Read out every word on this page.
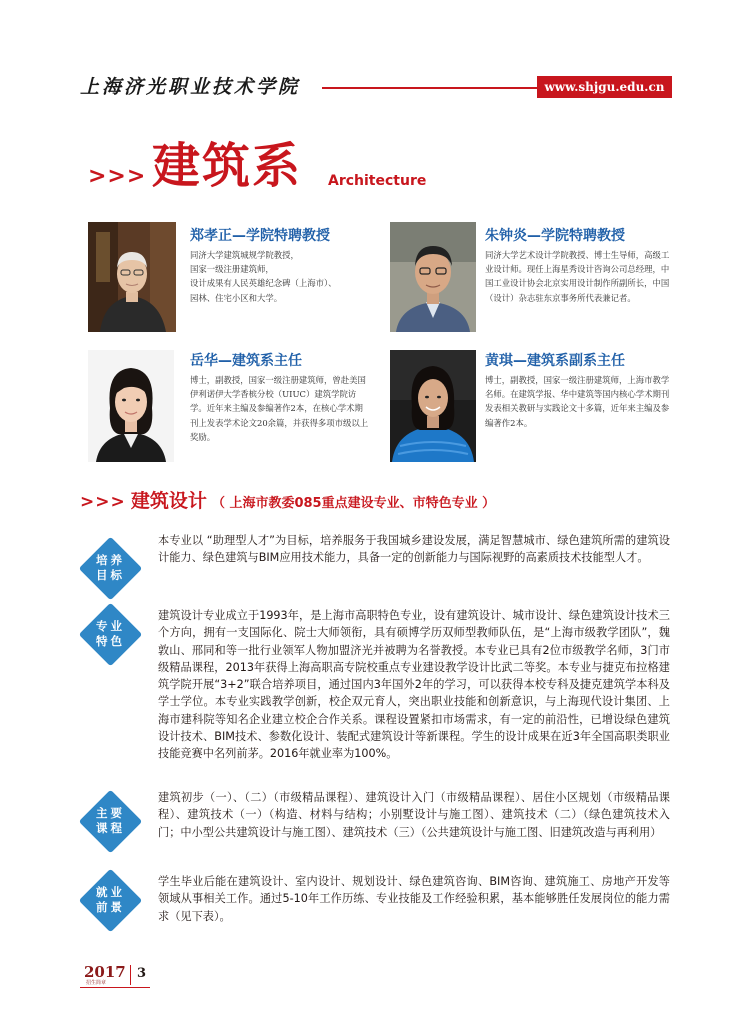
上海济光职业技术学院	www.shjgu.edu.cn
>>> 建筑系 Architecture
郑孝正—学院特聘教授
同济大学建筑城规学院教授，
国家一级注册建筑师，
设计成果有人民英雄纪念碑（上海市）、
园林、住宅小区和大学。
朱钟炎—学院特聘教授
同济大学艺术设计学院教授、博士生导师，高级工业设计师。现任上海星秀设计咨询公司总经理，中国工业设计协会北京实用设计制作所副所长，中国（设计）杂志驻东京事务所代表兼记者。
岳华—建筑系主任
博士，副教授，国家一级注册建筑师，曾赴美国伊利诺伊大学香槟分校（UIUC）建筑学院访学。近年来主编及参编著作2本，在核心学术期刊上发表学术论文20余篇，并获得多项市级以上奖励。
黄琪—建筑系副系主任
博士，副教授，国家一级注册建筑师，上海市教学名师。在建筑学报、华中建筑等国内核心学术期刊发表相关教研与实践论文十多篇，近年来主编及参编著作2本。
>>> 建筑设计 （ 上海市教委085重点建设专业、市特色专业 ）
培养
目标
本专业以 “助理型人才”为目标，培养服务于我国城乡建设发展，满足智慧城市、绿色建筑所需的建筑设计能力、绿色建筑与BIM应用技术能力，具备一定的创新能力与国际视野的高素质技术技能型人才。
专业
特色
建筑设计专业成立于1993年，是上海市高职特色专业，设有建筑设计、城市设计、绿色建筑设计技术三个方向，拥有一支国际化、院士大师领衔，具有硕博学历双师型教师队伍，是“上海市级教学团队”，魏敦山、邢同和等一批行业领军人物加盟济光并被聘为名誉教授。本专业已具有2位市级教学名师，3门市级精品课程，2013年获得上海高职高专院校重点专业建设教学设计比武二等奖。本专业与捷克布拉格建筑学院开展“3+2”联合培养项目，通过国内3年国外2年的学习，可以获得本校专科及捷克建筑学本科及学士学位。本专业实践教学创新，校企双元育人，突出职业技能和创新意识，与上海现代设计集团、上海市建科院等知名企业建立校企合作关系。课程设置紧扣市场需求，有一定的前沿性，已增设绿色建筑设计技术、BIM技术、参数化设计、装配式建筑设计等新课程。学生的设计成果在近3年全国高职类职业技能竞赛中名列前茅。2016年就业率为100%。
主要
课程
建筑初步（一）、（二）（市级精品课程）、建筑设计入门（市级精品课程）、居住小区规划（市级精品课程）、建筑技术（一）（构造、材料与结构；小别墅设计与施工图）、建筑技术（二）（绿色建筑技术入门；中小型公共建筑设计与施工图）、建筑技术（三）（公共建筑设计与施工图、旧建筑改造与再利用）
就业
前景
学生毕业后能在建筑设计、室内设计、规划设计、绿色建筑咨询、BIM咨询、建筑施工、房地产开发等领域从事相关工作。通过5-10年工作历练、专业技能及工作经验积累，基本能够胜任发展岗位的能力需求（见下表）。
2017
招生简章
3
